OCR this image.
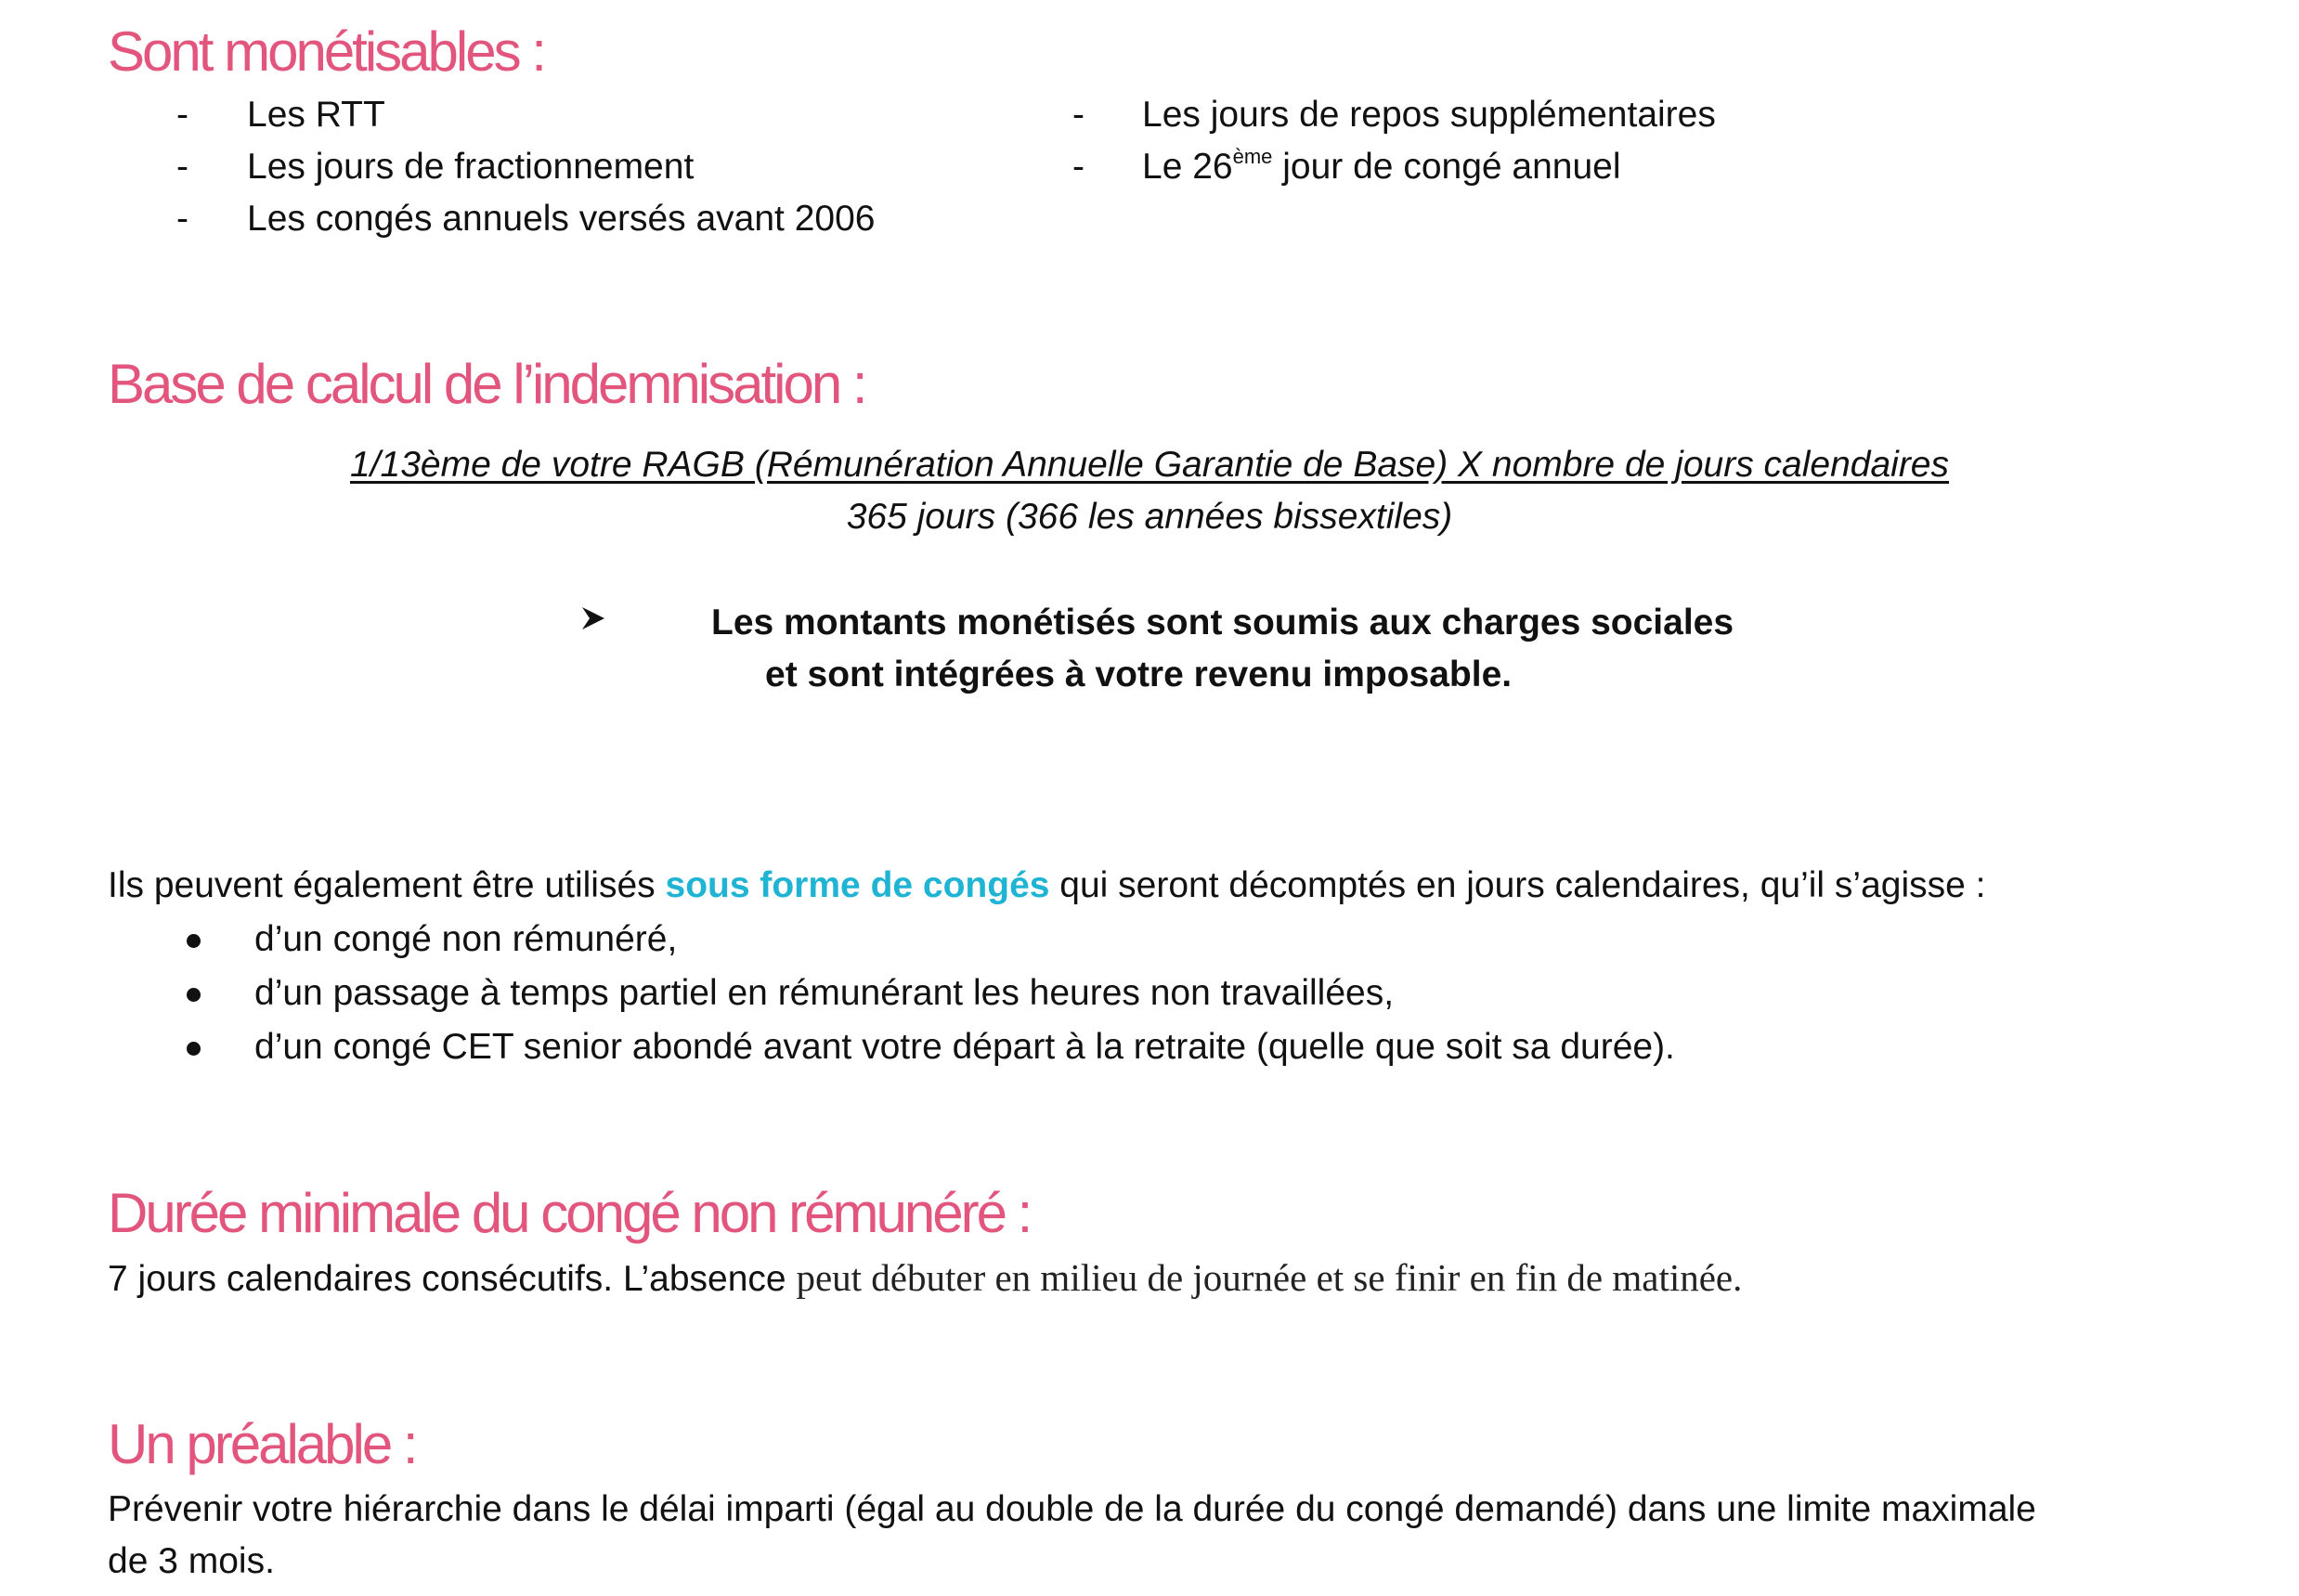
Sont monétisables :
- Les RTT
- Les jours de fractionnement
- Les congés annuels versés avant 2006
- Les jours de repos supplémentaires
- Le 26ème jour de congé annuel
Base de calcul de l’indemnisation :
1/13ème de votre RAGB (Rémunération Annuelle Garantie de Base) X nombre de jours calendaires
365 jours (366 les années bissextiles)
Les montants monétisés sont soumis aux charges sociales
et sont intégrées à votre revenu imposable.
Ils peuvent également être utilisés sous forme de congés qui seront décomptés en jours calendaires, qu’il s’agisse :
d’un congé non rémunéré,
d’un passage à temps partiel en rémunérant les heures non travaillées,
d’un congé CET senior abondé avant votre départ à la retraite (quelle que soit sa durée).
Durée minimale du congé non rémunéré :
7 jours calendaires consécutifs. L’absence peut débuter en milieu de journée et se finir en fin de matinée.
Un préalable :
Prévenir votre hiérarchie dans le délai imparti (égal au double de la durée du congé demandé) dans une limite maximale
de 3 mois.
